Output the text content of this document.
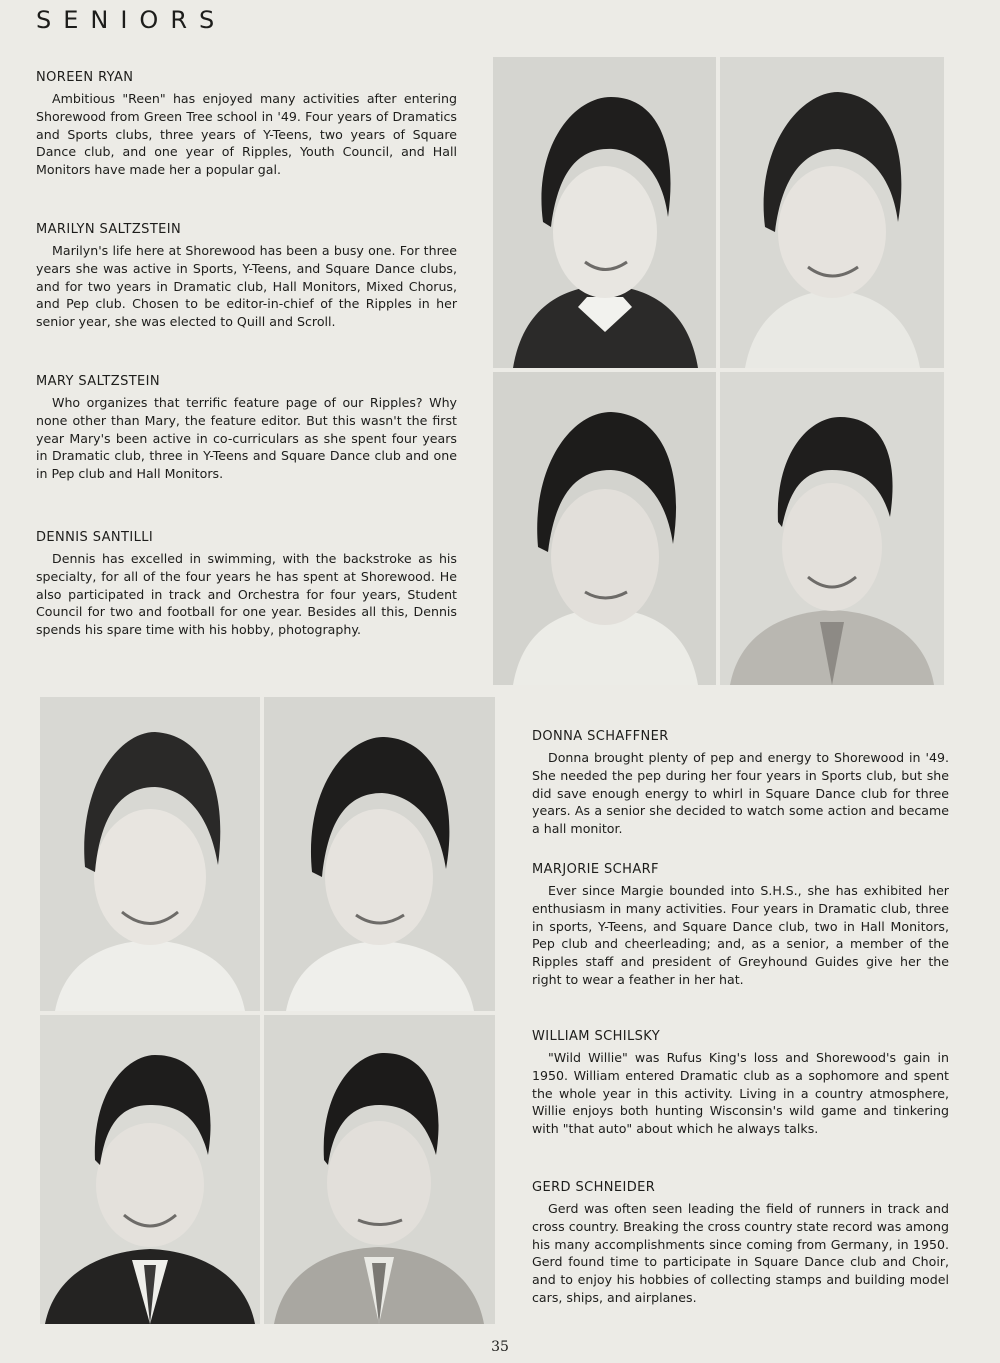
SENIORS
NOREEN RYAN

Ambitious "Reen" has enjoyed many activities after entering Shorewood from Green Tree school in '49. Four years of Dramatics and Sports clubs, three years of Y-Teens, two years of Square Dance club, and one year of Ripples, Youth Council, and Hall Monitors have made her a popular gal.

MARILYN SALTZSTEIN

Marilyn's life here at Shorewood has been a busy one. For three years she was active in Sports, Y-Teens, and Square Dance clubs, and for two years in Dramatic club, Hall Monitors, Mixed Chorus, and Pep club. Chosen to be editor-in-chief of the Ripples in her senior year, she was elected to Quill and Scroll.

MARY SALTZSTEIN

Who organizes that terrific feature page of our Ripples? Why none other than Mary, the feature editor. But this wasn't the first year Mary's been active in co-curriculars as she spent four years in Dramatic club, three in Y-Teens and Square Dance club and one in Pep club and Hall Monitors.

DENNIS SANTILLI

Dennis has excelled in swimming, with the backstroke as his specialty, for all of the four years he has spent at Shorewood. He also participated in track and Orchestra for four years, Student Council for two and football for one year. Besides all this, Dennis spends his spare time with his hobby, photography.

DONNA SCHAFFNER

Donna brought plenty of pep and energy to Shorewood in '49. She needed the pep during her four years in Sports club, but she did save enough energy to whirl in Square Dance club for three years. As a senior she decided to watch some action and became a hall monitor.

MARJORIE SCHARF

Ever since Margie bounded into S.H.S., she has exhibited her enthusiasm in many activities. Four years in Dramatic club, three in sports, Y-Teens, and Square Dance club, two in Hall Monitors, Pep club and cheerleading; and, as a senior, a member of the Ripples staff and president of Greyhound Guides give her the right to wear a feather in her hat.

WILLIAM SCHILSKY

"Wild Willie" was Rufus King's loss and Shorewood's gain in 1950. William entered Dramatic club as a sophomore and spent the whole year in this activity. Living in a country atmosphere, Willie enjoys both hunting Wisconsin's wild game and tinkering with "that auto" about which he always talks.

GERD SCHNEIDER

Gerd was often seen leading the field of runners in track and cross country. Breaking the cross country state record was among his many accomplishments since coming from Germany, in 1950. Gerd found time to participate in Square Dance club and Choir, and to enjoy his hobbies of collecting stamps and building model cars, ships, and airplanes.

35
